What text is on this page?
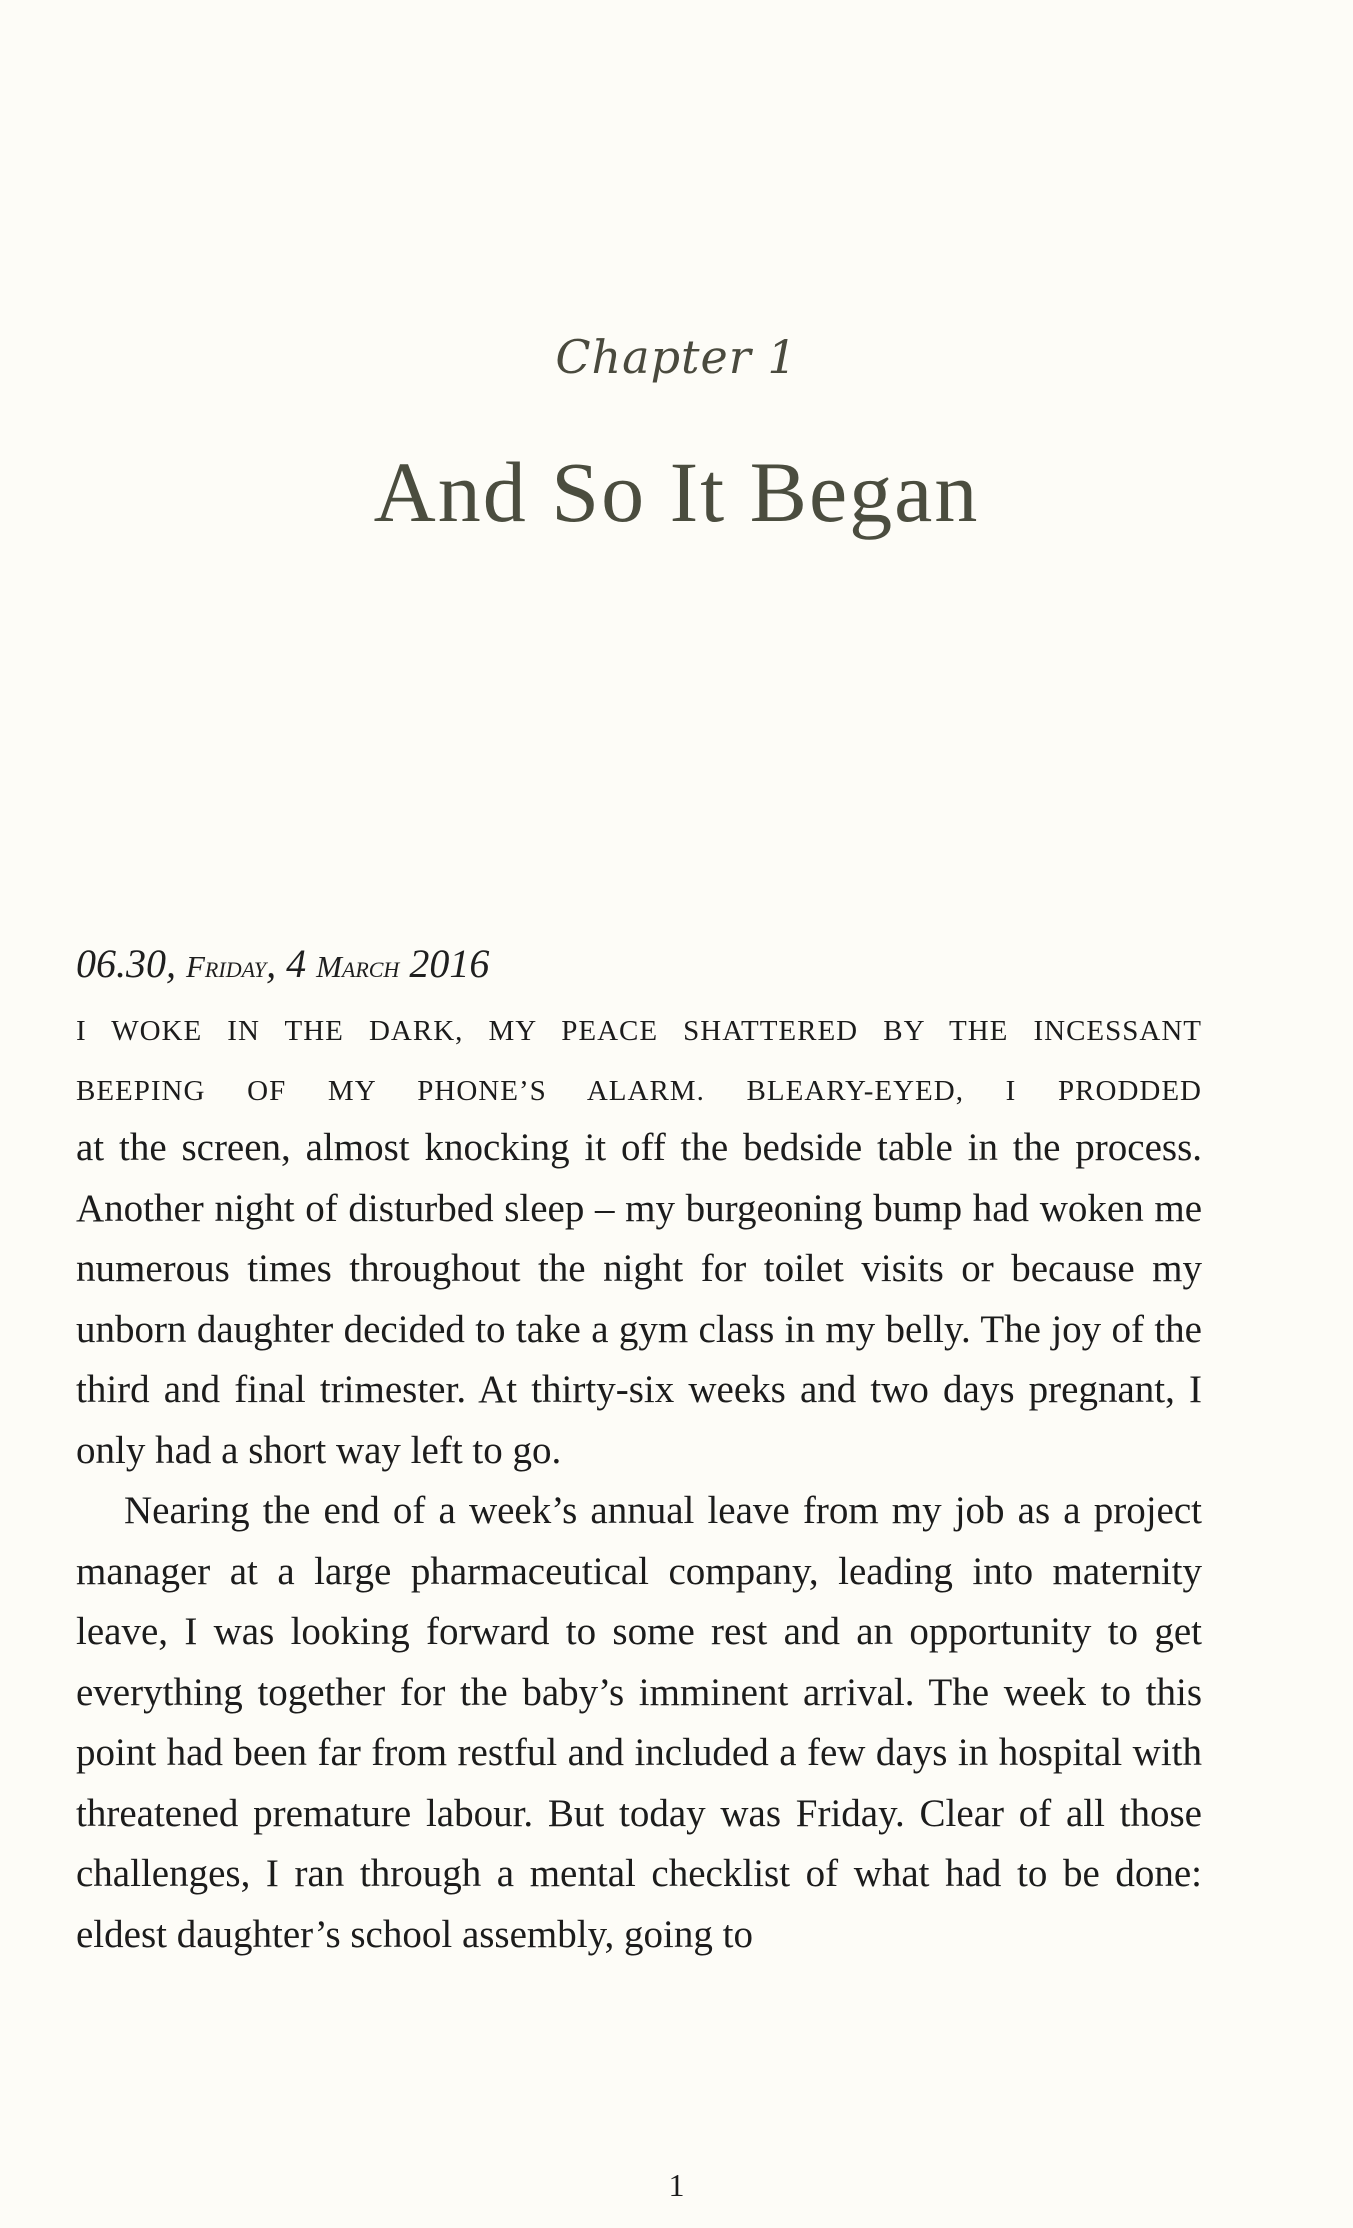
Chapter 1
And So It Began
06.30, Friday, 4 March 2016
I WOKE IN THE DARK, MY PEACE SHATTERED BY THE INCESSANT
BEEPING OF MY PHONE’S ALARM. BLEARY-EYED, I PRODDED

at the screen, almost knocking it off the bedside table in the process. Another night of disturbed sleep – my burgeoning bump had woken me numerous times throughout the night for toilet visits or because my unborn daughter decided to take a gym class in my belly. The joy of the third and final trimester. At thirty-six weeks and two days pregnant, I only had a short way left to go.

Nearing the end of a week’s annual leave from my job as a project manager at a large pharmaceutical company, leading into maternity leave, I was looking forward to some rest and an opportunity to get everything together for the baby’s imminent arrival. The week to this point had been far from restful and included a few days in hospital with threatened premature labour. But today was Friday. Clear of all those challenges, I ran through a mental checklist of what had to be done: eldest daughter’s school assembly, going to

1
